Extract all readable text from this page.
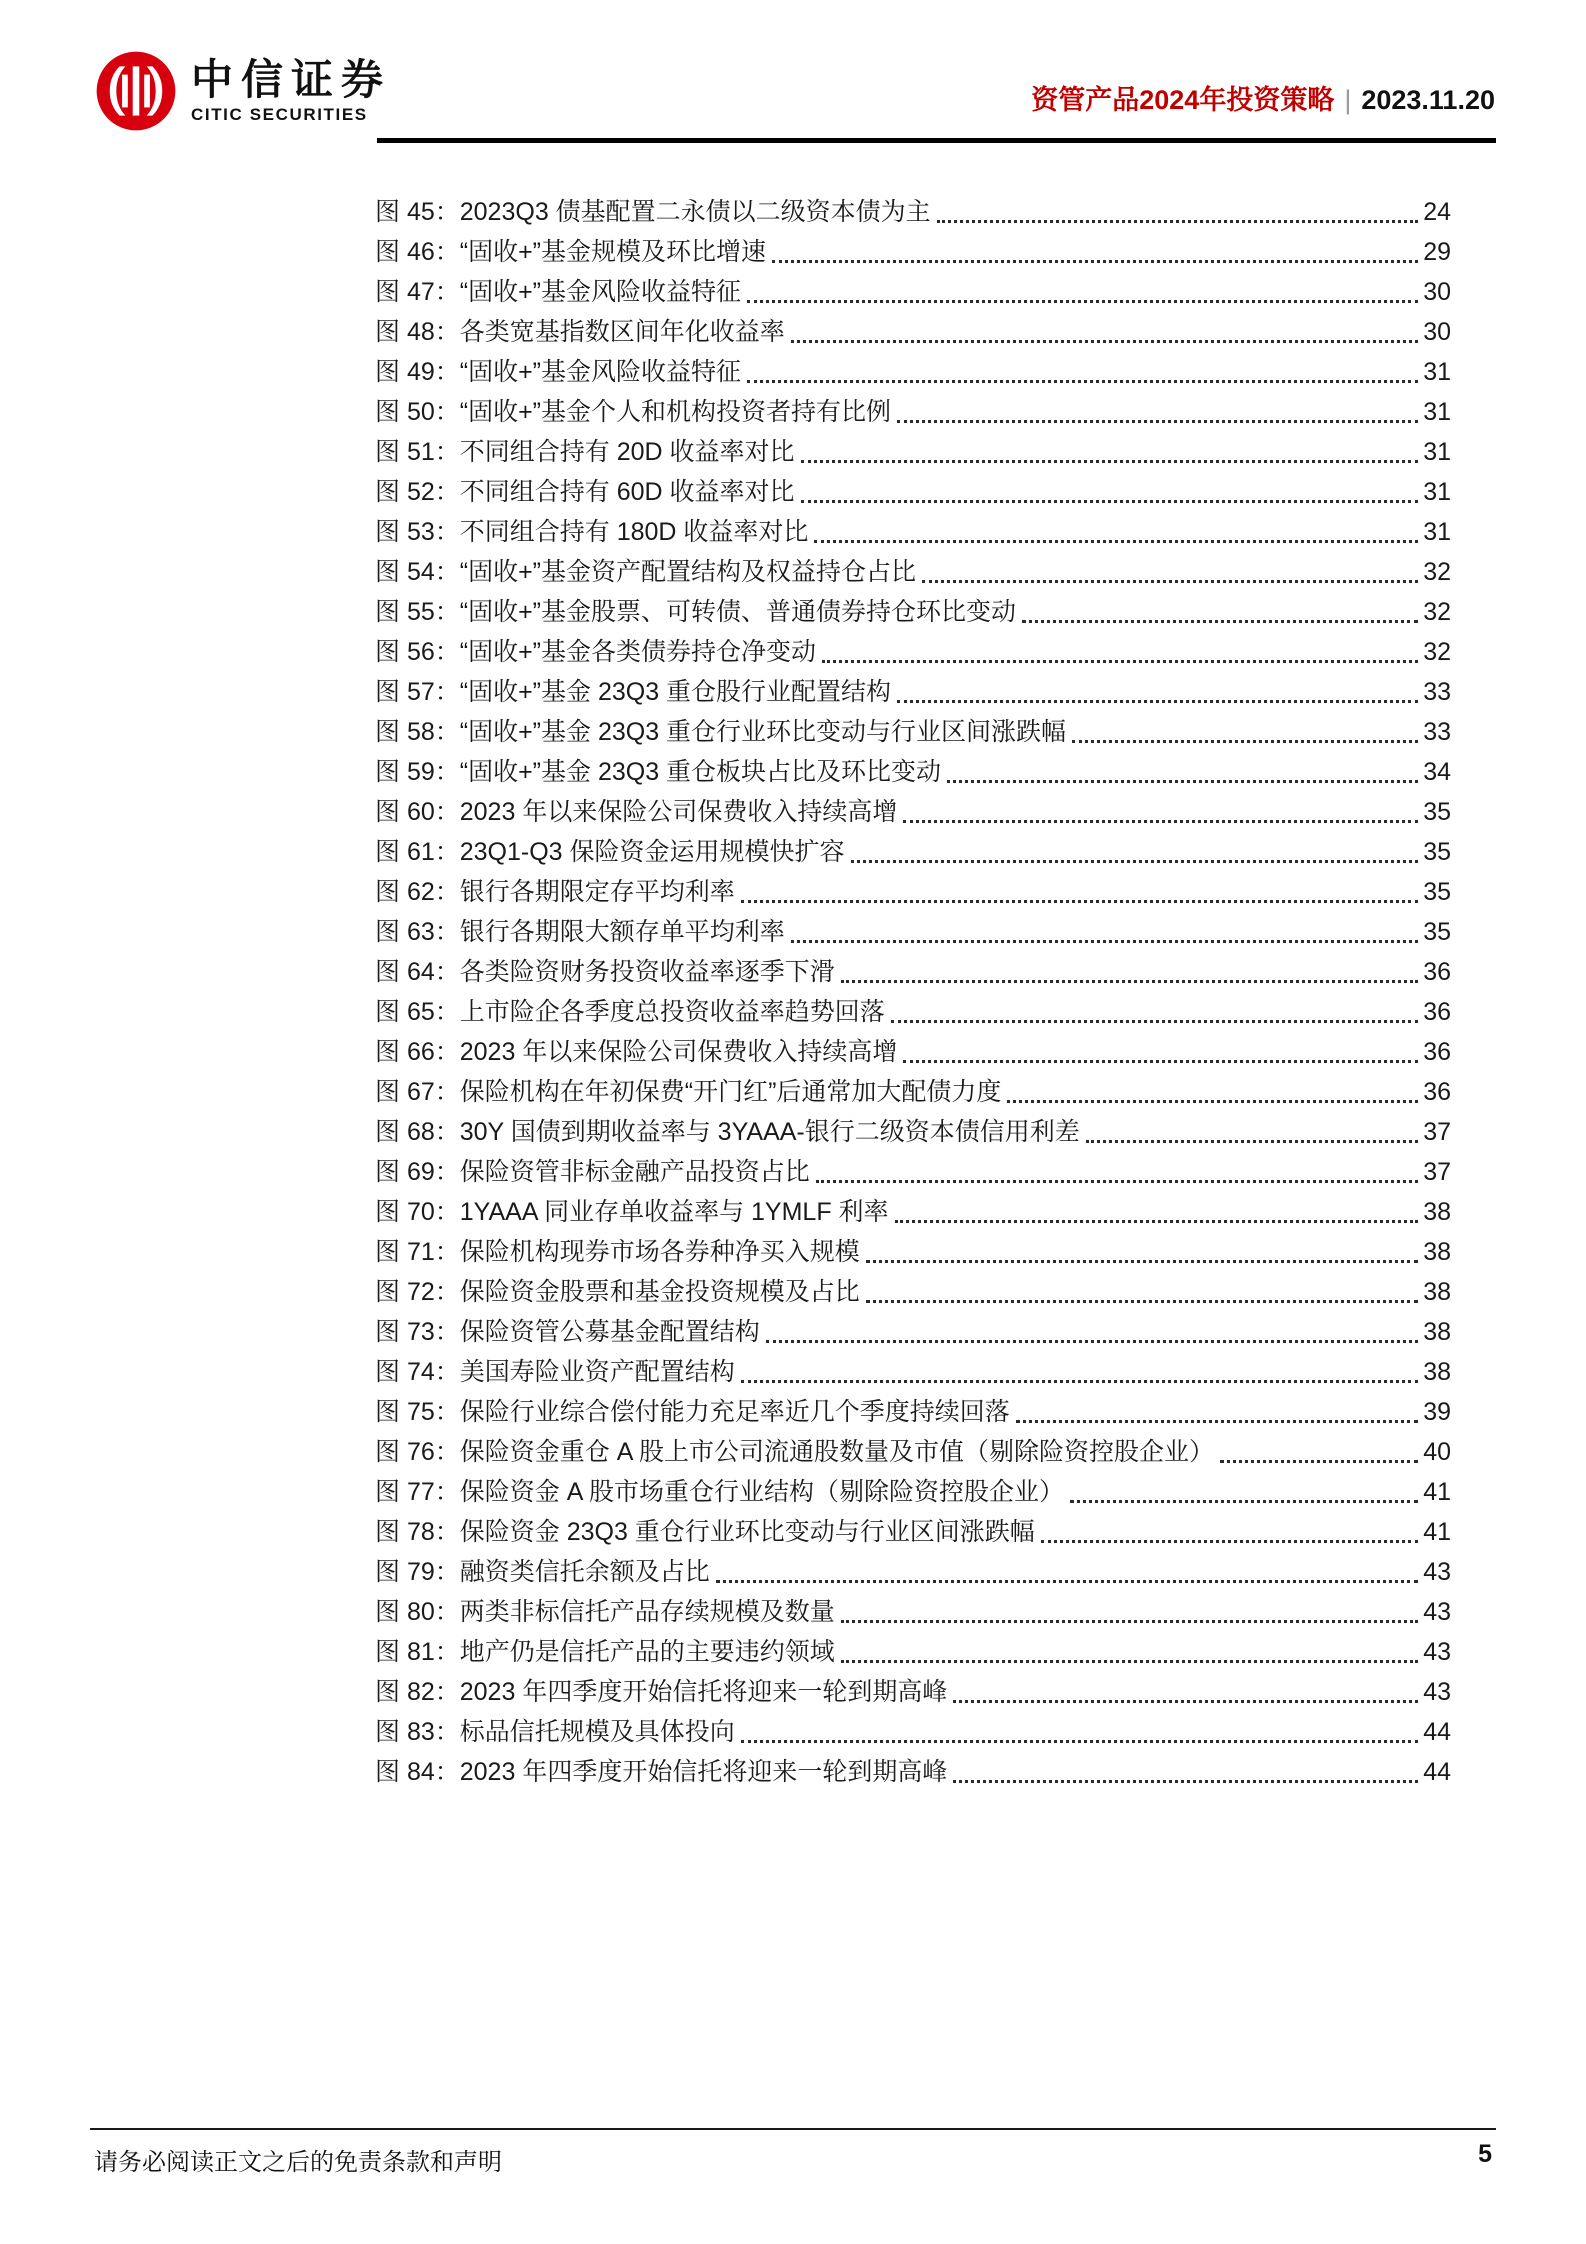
中信证券
CITIC SECURITIES	资管产品2024年投资策略 | 2023.11.20
图 45：2023Q3 债基配置二永债以二级资本债为主	24
图 46：“固收+”基金规模及环比增速	29
图 47：“固收+”基金风险收益特征	30
图 48：各类宽基指数区间年化收益率	30
图 49：“固收+”基金风险收益特征	31
图 50：“固收+”基金个人和机构投资者持有比例	31
图 51：不同组合持有 20D 收益率对比	31
图 52：不同组合持有 60D 收益率对比	31
图 53：不同组合持有 180D 收益率对比	31
图 54：“固收+”基金资产配置结构及权益持仓占比	32
图 55：“固收+”基金股票、可转债、普通债券持仓环比变动	32
图 56：“固收+”基金各类债券持仓净变动	32
图 57：“固收+”基金 23Q3 重仓股行业配置结构	33
图 58：“固收+”基金 23Q3 重仓行业环比变动与行业区间涨跌幅	33
图 59：“固收+”基金 23Q3 重仓板块占比及环比变动	34
图 60：2023 年以来保险公司保费收入持续高增	35
图 61：23Q1-Q3 保险资金运用规模快扩容	35
图 62：银行各期限定存平均利率	35
图 63：银行各期限大额存单平均利率	35
图 64：各类险资财务投资收益率逐季下滑	36
图 65：上市险企各季度总投资收益率趋势回落	36
图 66：2023 年以来保险公司保费收入持续高增	36
图 67：保险机构在年初保费“开门红”后通常加大配债力度	36
图 68：30Y 国债到期收益率与 3YAAA-银行二级资本债信用利差	37
图 69：保险资管非标金融产品投资占比	37
图 70：1YAAA 同业存单收益率与 1YMLF 利率	38
图 71：保险机构现券市场各券种净买入规模	38
图 72：保险资金股票和基金投资规模及占比	38
图 73：保险资管公募基金配置结构	38
图 74：美国寿险业资产配置结构	38
图 75：保险行业综合偿付能力充足率近几个季度持续回落	39
图 76：保险资金重仓 A 股上市公司流通股数量及市值（剔除险资控股企业）	40
图 77：保险资金 A 股市场重仓行业结构（剔除险资控股企业）	41
图 78：保险资金 23Q3 重仓行业环比变动与行业区间涨跌幅	41
图 79：融资类信托余额及占比	43
图 80：两类非标信托产品存续规模及数量	43
图 81：地产仍是信托产品的主要违约领域	43
图 82：2023 年四季度开始信托将迎来一轮到期高峰	43
图 83：标品信托规模及具体投向	44
图 84：2023 年四季度开始信托将迎来一轮到期高峰	44
请务必阅读正文之后的免责条款和声明	5
